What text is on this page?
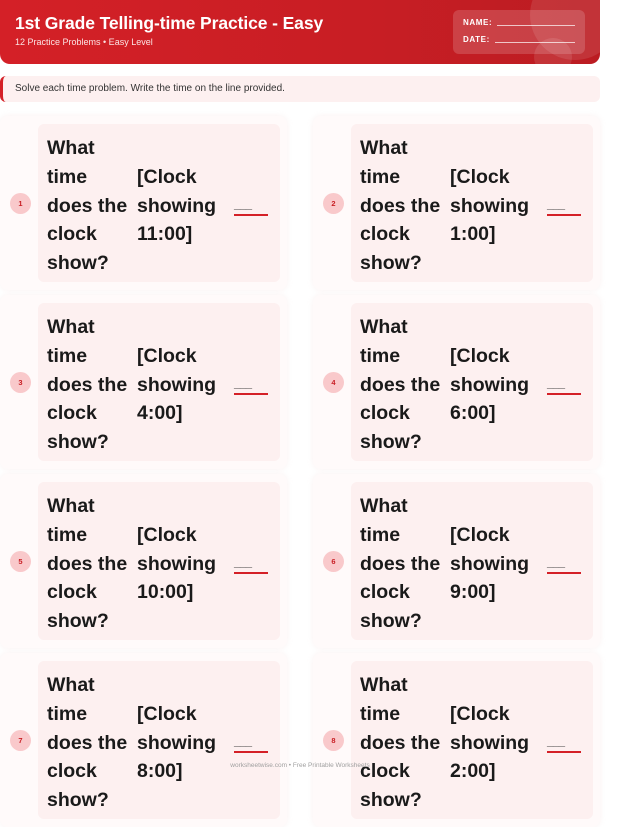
1st Grade Telling-time Practice - Easy
12 Practice Problems • Easy Level
NAME:
DATE:
Solve each time problem. Write the time on the line provided.
1
What
time
does the
clock
show?
[Clock
showing
11:00]
___	2
What
time
does the
clock
show?
[Clock
showing
1:00]
___
3
What
time
does the
clock
show?
[Clock
showing
4:00]
___	4
What
time
does the
clock
show?
[Clock
showing
6:00]
___
5
What
time
does the
clock
show?
[Clock
showing
10:00]
___	6
What
time
does the
clock
show?
[Clock
showing
9:00]
___
7
What
time
does the
clock
show?
[Clock
showing
8:00]
___	8
What
time
does the
clock
show?
[Clock
showing
2:00]
___
worksheetwise.com • Free Printable Worksheets
